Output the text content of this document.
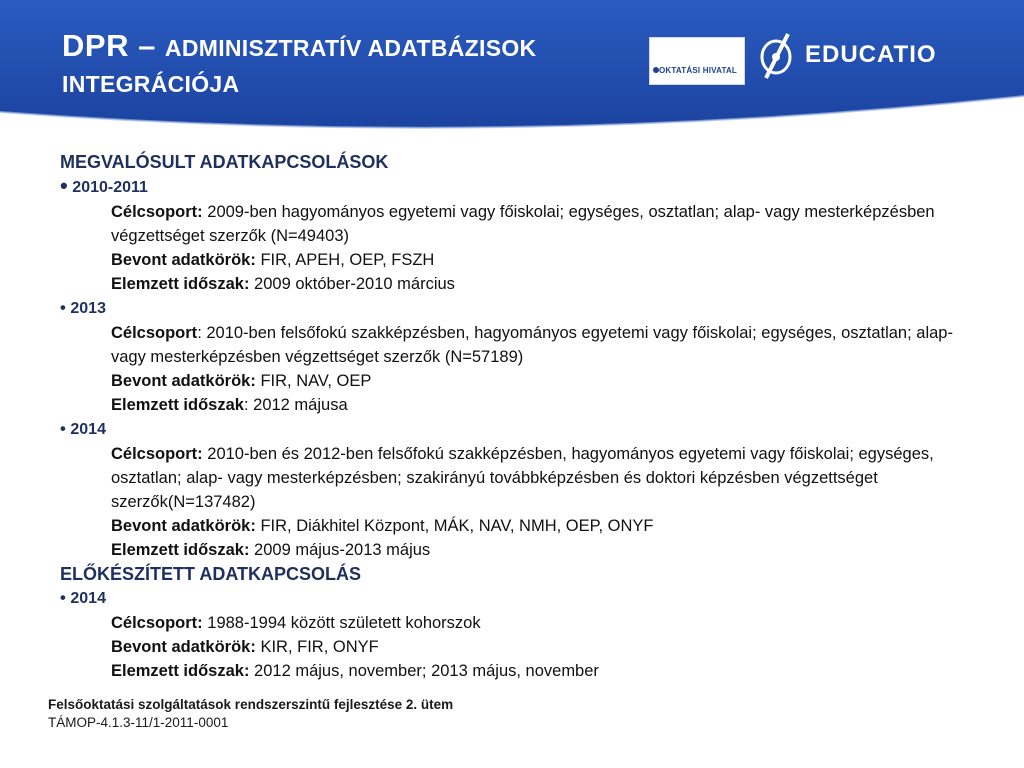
DPR – ADMINISZTRATÍV ADATBÁZISOK
INTEGRÁCIÓJA
OKTATÁSI HIVATAL
EDUCATIO
MEGVALÓSULT ADATKAPCSOLÁSOK
• 2010-2011
Célcsoport: 2009-ben hagyományos egyetemi vagy főiskolai; egységes, osztatlan; alap- vagy mesterképzésben végzettséget szerzők (N=49403)
Bevont adatkörök: FIR, APEH, OEP, FSZH
Elemzett időszak: 2009 október-2010 március
• 2013
Célcsoport: 2010-ben felsőfokú szakképzésben, hagyományos egyetemi vagy főiskolai; egységes, osztatlan; alap- vagy mesterképzésben végzettséget szerzők (N=57189)
Bevont adatkörök: FIR, NAV, OEP
Elemzett időszak: 2012 májusa
• 2014
Célcsoport: 2010-ben és 2012-ben felsőfokú szakképzésben, hagyományos egyetemi vagy főiskolai; egységes, osztatlan; alap- vagy mesterképzésben; szakirányú továbbképzésben és doktori képzésben végzettséget szerzők(N=137482)
Bevont adatkörök: FIR, Diákhitel Központ, MÁK, NAV, NMH, OEP, ONYF
Elemzett időszak: 2009 május-2013 május
ELŐKÉSZÍTETT ADATKAPCSOLÁS
• 2014
Célcsoport: 1988-1994 között született kohorszok
Bevont adatkörök: KIR, FIR, ONYF
Elemzett időszak: 2012 május, november; 2013 május, november
Felsőoktatási szolgáltatások rendszerszintű fejlesztése 2. ütem
TÁMOP-4.1.3-11/1-2011-0001
